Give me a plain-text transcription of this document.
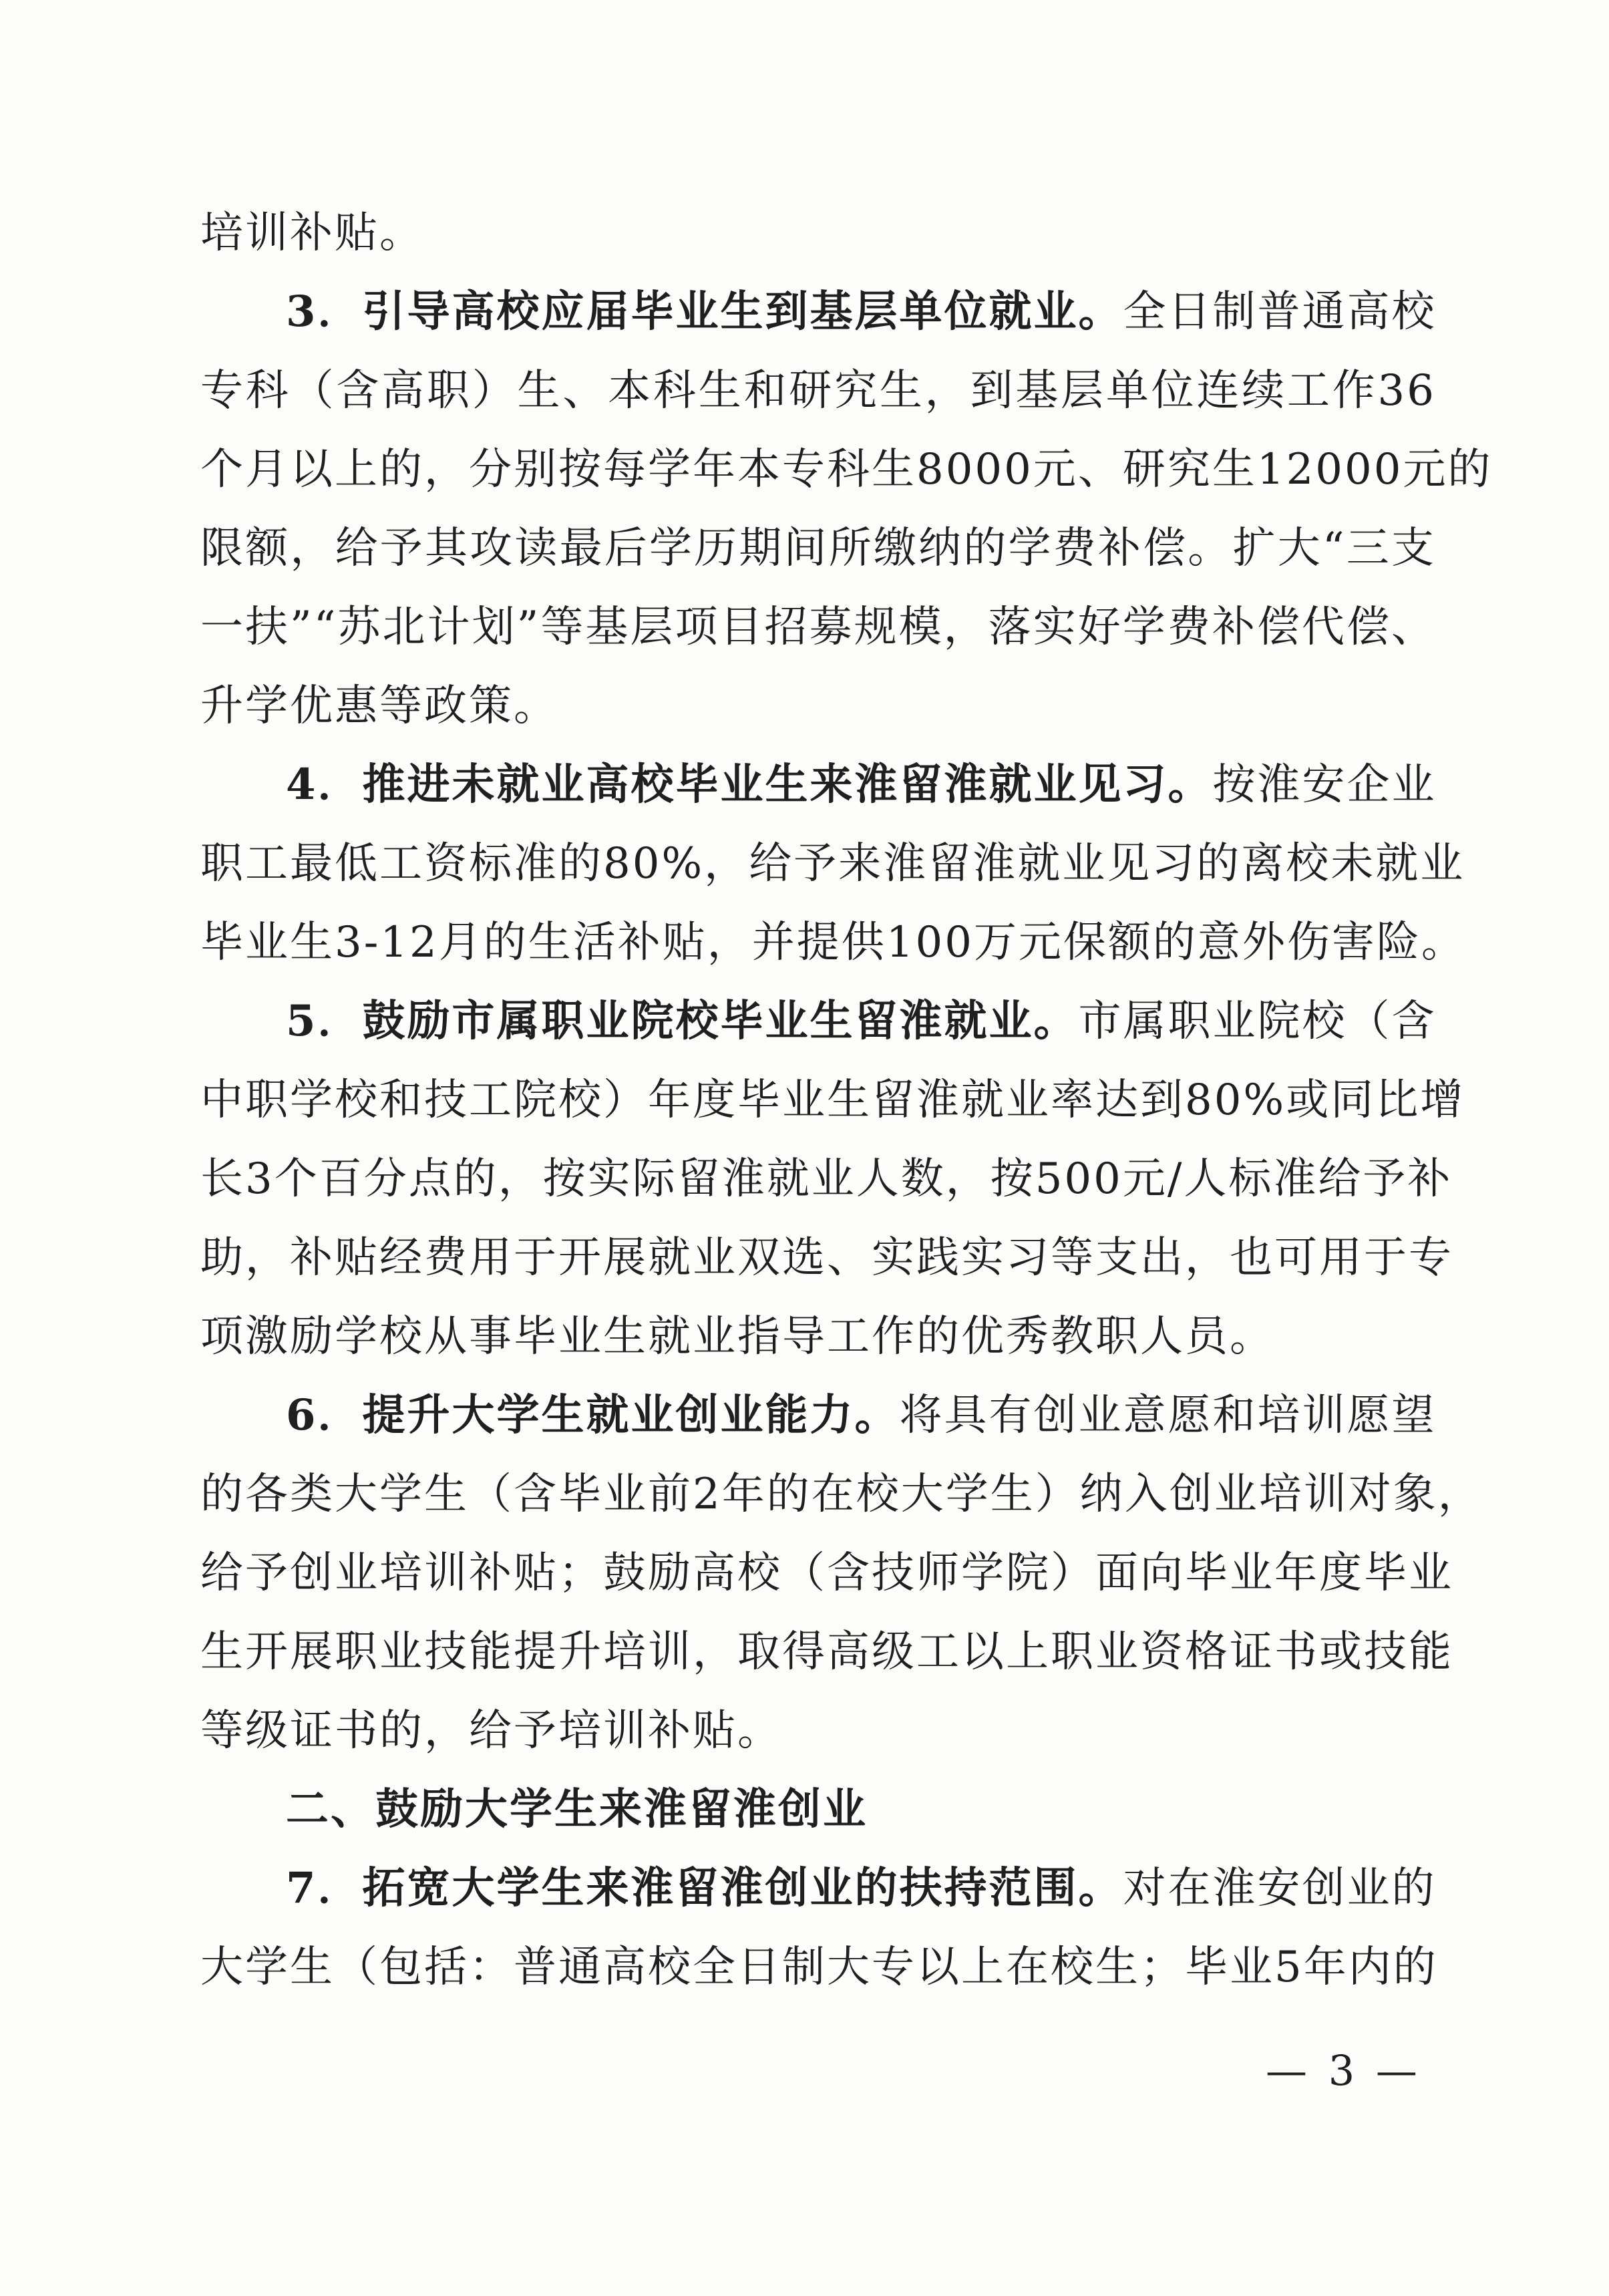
培训补贴。
3．引导高校应届毕业生到基层单位就业。全日制普通高校
专科（含高职）生、本科生和研究生，到基层单位连续工作36
个月以上的，分别按每学年本专科生8000元、研究生12000元的
限额，给予其攻读最后学历期间所缴纳的学费补偿。扩大“三支
一扶”“苏北计划”等基层项目招募规模，落实好学费补偿代偿、
升学优惠等政策。
4．推进未就业高校毕业生来淮留淮就业见习。按淮安企业
职工最低工资标准的80%，给予来淮留淮就业见习的离校未就业
毕业生3-12月的生活补贴，并提供100万元保额的意外伤害险。
5．鼓励市属职业院校毕业生留淮就业。市属职业院校（含
中职学校和技工院校）年度毕业生留淮就业率达到80%或同比增
长3个百分点的，按实际留淮就业人数，按500元/人标准给予补
助，补贴经费用于开展就业双选、实践实习等支出，也可用于专
项激励学校从事毕业生就业指导工作的优秀教职人员。
6．提升大学生就业创业能力。将具有创业意愿和培训愿望
的各类大学生（含毕业前2年的在校大学生）纳入创业培训对象，
给予创业培训补贴；鼓励高校（含技师学院）面向毕业年度毕业
生开展职业技能提升培训，取得高级工以上职业资格证书或技能
等级证书的，给予培训补贴。
二、鼓励大学生来淮留淮创业
7．拓宽大学生来淮留淮创业的扶持范围。对在淮安创业的
大学生（包括：普通高校全日制大专以上在校生；毕业5年内的
— 3 —
